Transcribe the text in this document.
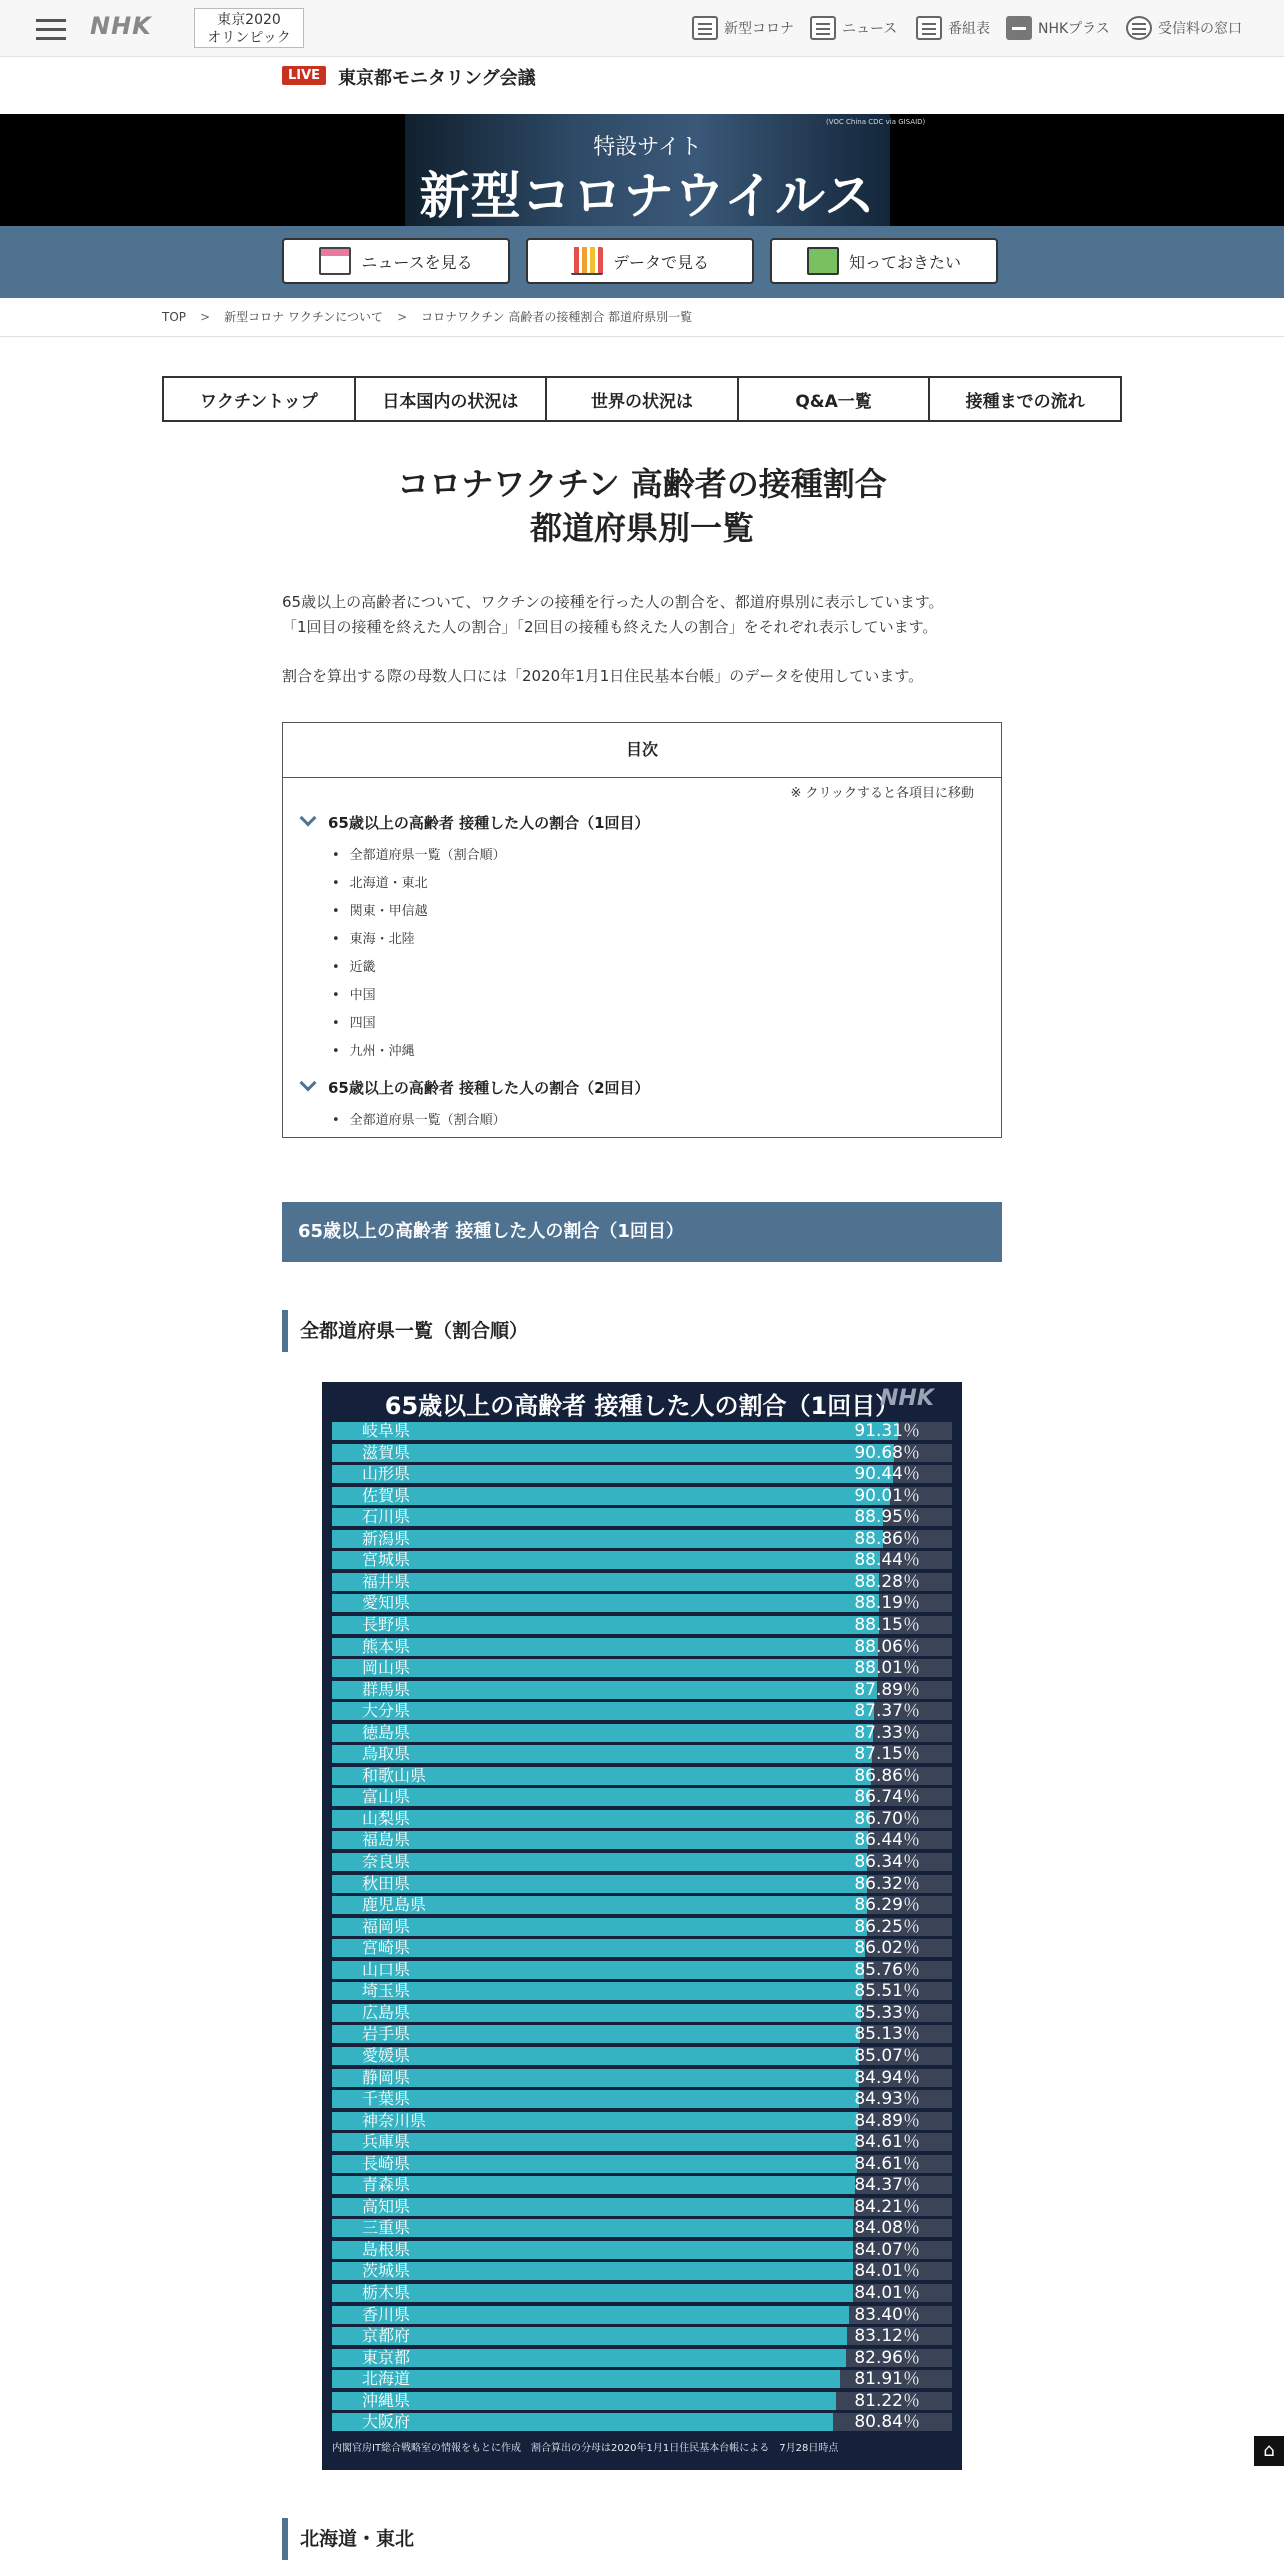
NHK	東京2020
オリンピック
新型コロナ	ニュース	番組表	NHKプラス	受信料の窓口
LIVE 東京都モニタリング会議
(VOC China CDC via GISAID)
特設サイト
新型コロナウイルス
ニュースを見る	データで見る	知っておきたい
TOP > 新型コロナ ワクチンについて > コロナワクチン 高齢者の接種割合 都道府県別一覧
ワクチントップ	日本国内の状況は	世界の状況は	Q&A一覧	接種までの流れ
コロナワクチン 高齢者の接種割合
都道府県別一覧
65歳以上の高齢者について、ワクチンの接種を行った人の割合を、都道府県別に表示しています。
「1回目の接種を終えた人の割合」「2回目の接種も終えた人の割合」をそれぞれ表示しています。
割合を算出する際の母数人口には「2020年1月1日住民基本台帳」のデータを使用しています。
目次
※ クリックすると各項目に移動
65歳以上の高齢者 接種した人の割合（1回目）
• 全都道府県一覧（割合順）
• 北海道・東北
• 関東・甲信越
• 東海・北陸
• 近畿
• 中国
• 四国
• 九州・沖縄
65歳以上の高齢者 接種した人の割合（2回目）
• 全都道府県一覧（割合順）
65歳以上の高齢者 接種した人の割合（1回目）
全都道府県一覧（割合順）
65歳以上の高齢者 接種した人の割合（1回目）
NHK
岐阜県	91.31％
滋賀県	90.68％
山形県	90.44％
佐賀県	90.01％
石川県	88.95％
新潟県	88.86％
宮城県	88.44％
福井県	88.28％
愛知県	88.19％
長野県	88.15％
熊本県	88.06％
岡山県	88.01％
群馬県	87.89％
大分県	87.37％
徳島県	87.33％
鳥取県	87.15％
和歌山県	86.86％
富山県	86.74％
山梨県	86.70％
福島県	86.44％
奈良県	86.34％
秋田県	86.32％
鹿児島県	86.29％
福岡県	86.25％
宮崎県	86.02％
山口県	85.76％
埼玉県	85.51％
広島県	85.33％
岩手県	85.13％
愛媛県	85.07％
静岡県	84.94％
千葉県	84.93％
神奈川県	84.89％
兵庫県	84.61％
長崎県	84.61％
青森県	84.37％
高知県	84.21％
三重県	84.08％
島根県	84.07％
茨城県	84.01％
栃木県	84.01％
香川県	83.40％
京都府	83.12％
東京都	82.96％
北海道	81.91％
沖縄県	81.22％
大阪府	80.84％
内閣官房IT総合戦略室の情報をもとに作成　割合算出の分母は2020年1月1日住民基本台帳による　7月28日時点
北海道・東北
⌂
